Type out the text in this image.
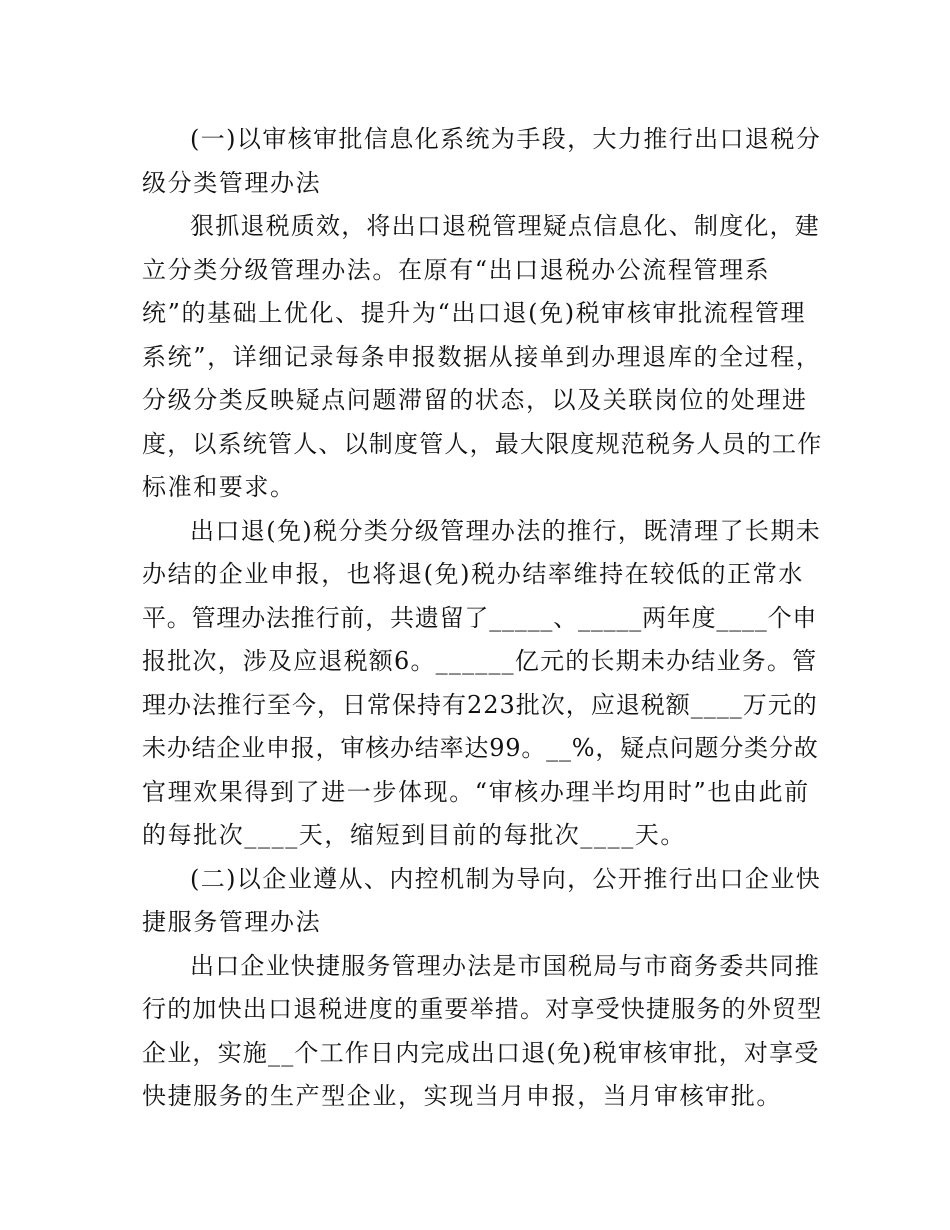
(一)以审核审批信息化系统为手段，大力推行出口退税分
级分类管理办法
狠抓退税质效，将出口退税管理疑点信息化、制度化，建
立分类分级管理办法。在原有“出口退税办公流程管理系
统”的基础上优化、提升为“出口退(免)税审核审批流程管理
系统”，详细记录每条申报数据从接单到办理退库的全过程，
分级分类反映疑点问题滞留的状态，以及关联岗位的处理进
度，以系统管人、以制度管人，最大限度规范税务人员的工作
标准和要求。
出口退(免)税分类分级管理办法的推行，既清理了长期未
办结的企业申报，也将退(免)税办结率维持在较低的正常水
平。管理办法推行前，共遗留了_____、_____两年度____个申
报批次，涉及应退税额6。______亿元的长期未办结业务。管
理办法推行至今，日常保持有223批次，应退税额____万元的
未办结企业申报，审核办结率达99。__%，疑点问题分类分故
官理欢果得到了进一步体现。“审核办理半均用时”也由此前
的每批次____天，缩短到目前的每批次____天。
(二)以企业遵从、内控机制为导向，公开推行出口企业快
捷服务管理办法
出口企业快捷服务管理办法是市国税局与市商务委共同推
行的加快出口退税进度的重要举措。对享受快捷服务的外贸型
企业，实施__个工作日内完成出口退(免)税审核审批，对享受
快捷服务的生产型企业，实现当月申报，当月审核审批。
